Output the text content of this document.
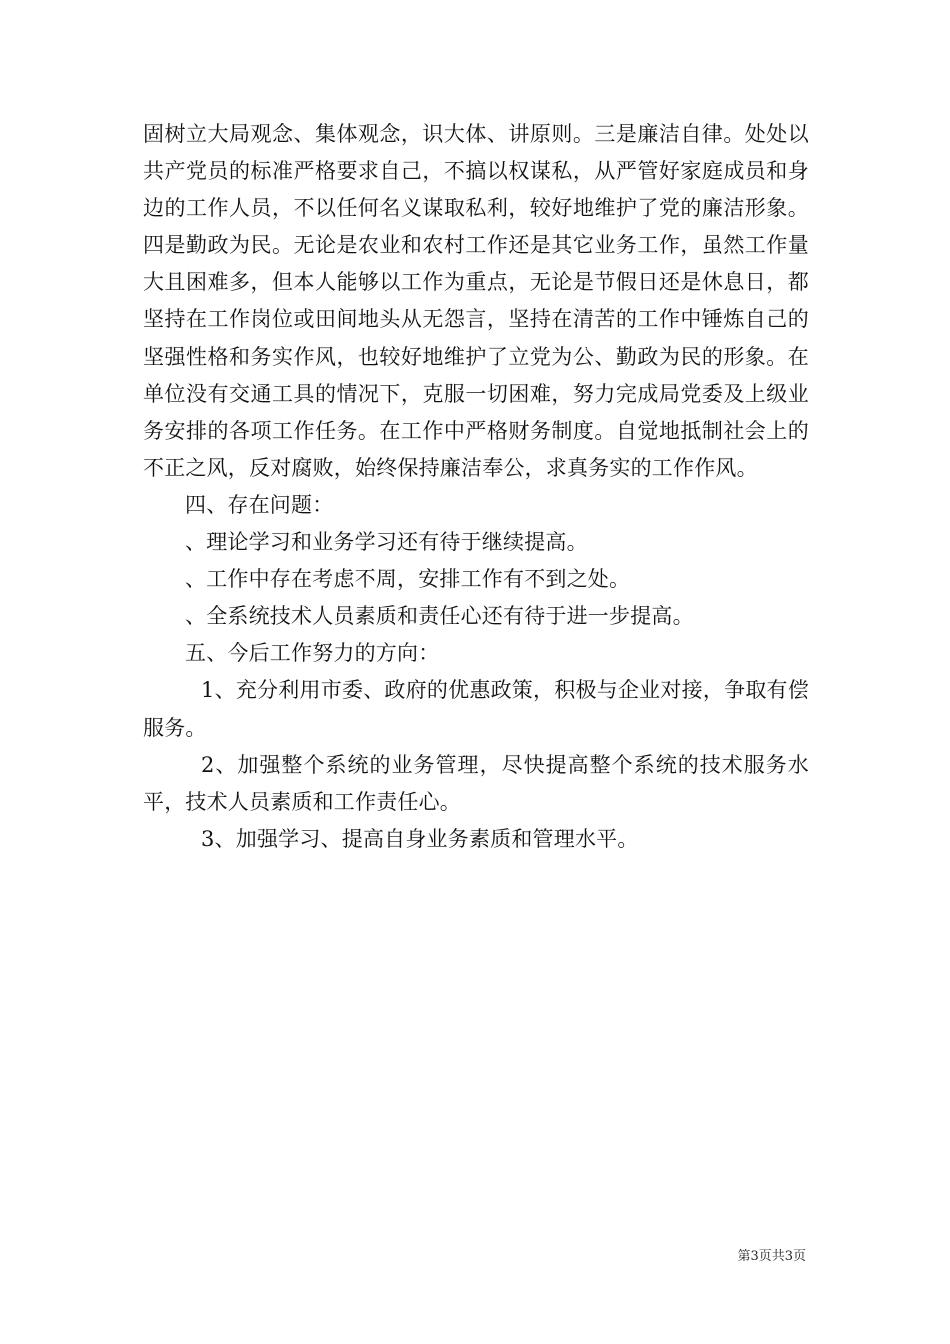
固树立大局观念、集体观念，识大体、讲原则。三是廉洁自律。处处以共产党员的标准严格要求自己，不搞以权谋私，从严管好家庭成员和身边的工作人员，不以任何名义谋取私利，较好地维护了党的廉洁形象。四是勤政为民。无论是农业和农村工作还是其它业务工作，虽然工作量大且困难多，但本人能够以工作为重点，无论是节假日还是休息日，都坚持在工作岗位或田间地头从无怨言，坚持在清苦的工作中锤炼自己的坚强性格和务实作风，也较好地维护了立党为公、勤政为民的形象。在单位没有交通工具的情况下，克服一切困难，努力完成局党委及上级业务安排的各项工作任务。在工作中严格财务制度。自觉地抵制社会上的不正之风，反对腐败，始终保持廉洁奉公，求真务实的工作作风。

四、存在问题：

、理论学习和业务学习还有待于继续提高。

、工作中存在考虑不周，安排工作有不到之处。

、全系统技术人员素质和责任心还有待于进一步提高。

五、今后工作努力的方向：

1、充分利用市委、政府的优惠政策，积极与企业对接，争取有偿服务。

2、加强整个系统的业务管理，尽快提高整个系统的技术服务水平，技术人员素质和工作责任心。

3、加强学习、提高自身业务素质和管理水平。

第3页共3页
